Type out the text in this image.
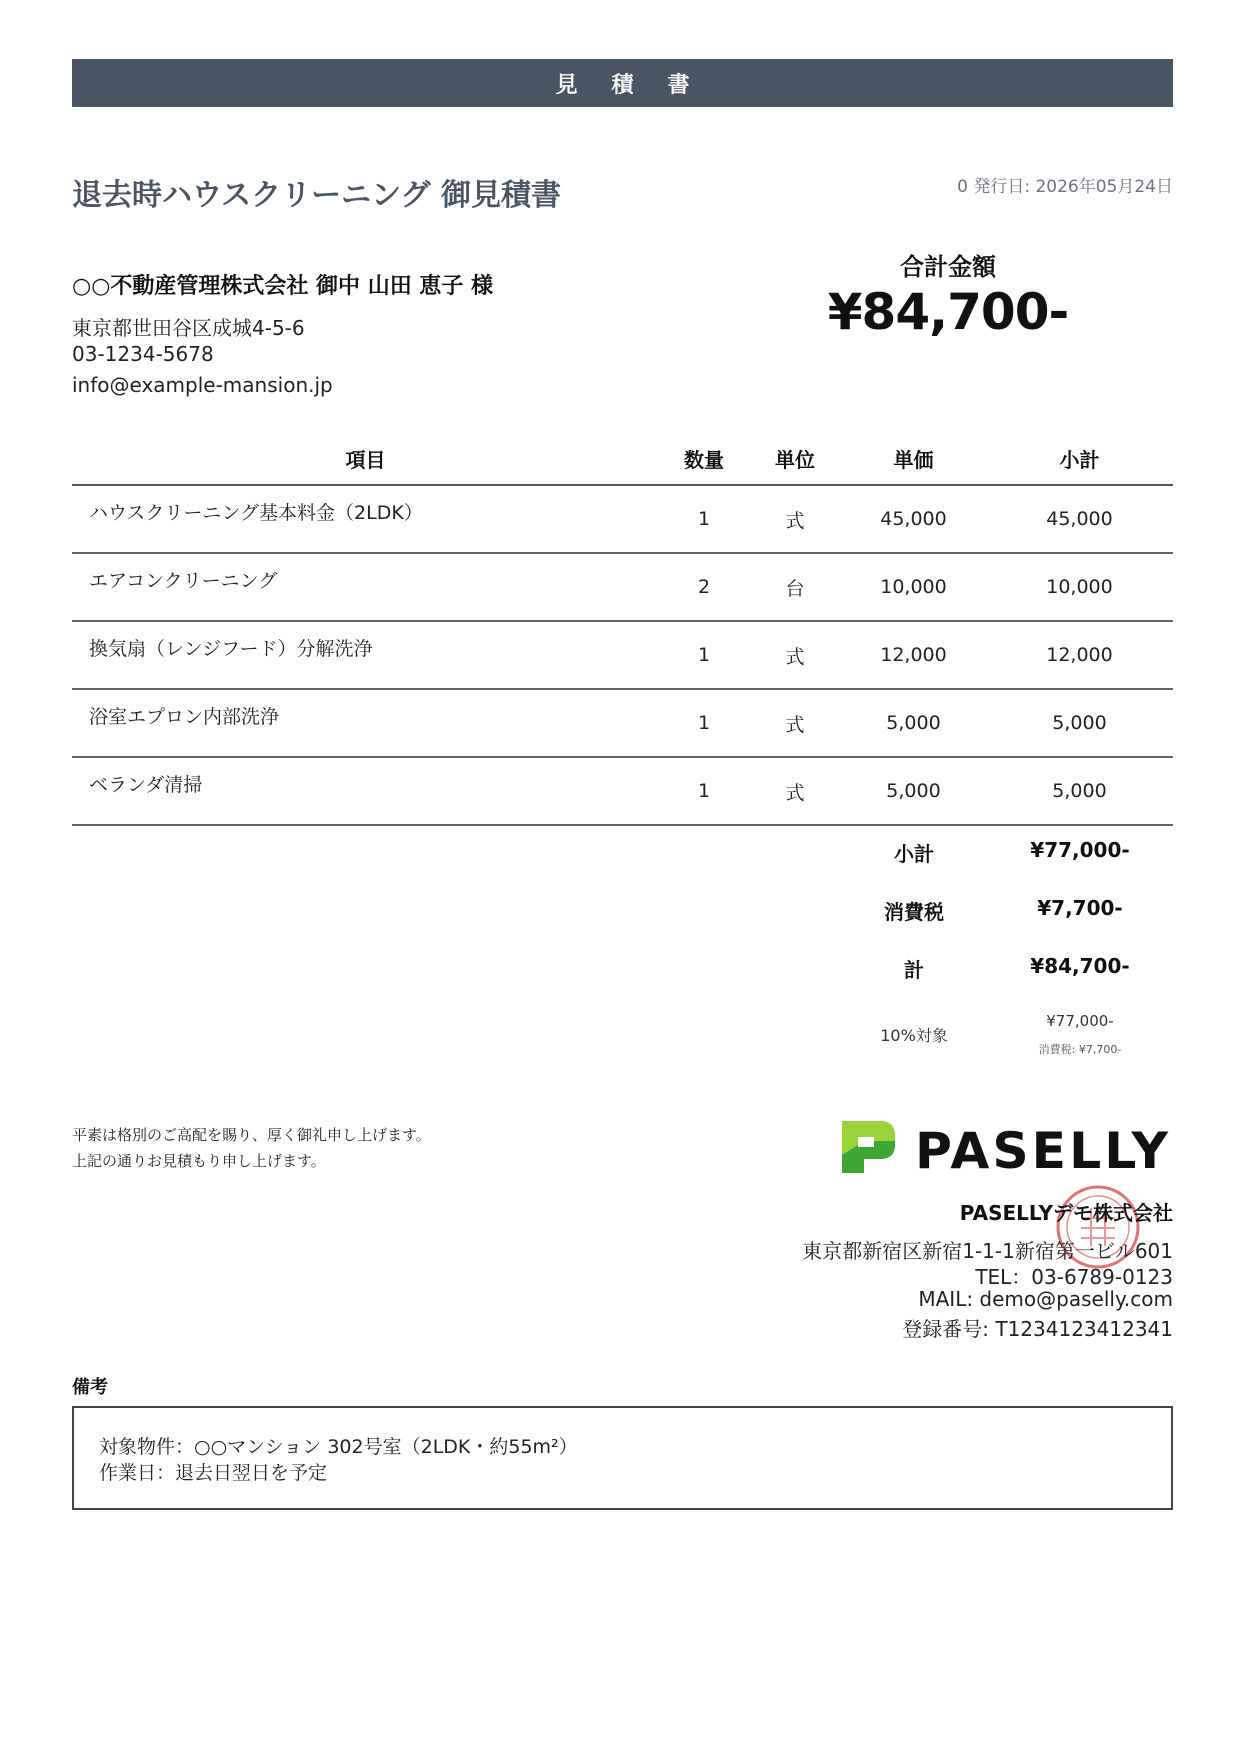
見積書
退去時ハウスクリーニング 御見積書	0 発行日: 2026年05月24日
○○不動産管理株式会社 御中 山田 恵子 様
東京都世田谷区成城4-5-6
03-1234-5678
info@example-mansion.jp
合計金額
¥84,700-
項目	数量	単位	単価	小計
ハウスクリーニング基本料金（2LDK）	1	式	45,000	45,000
エアコンクリーニング	2	台	10,000	10,000
換気扇（レンジフード）分解洗浄	1	式	12,000	12,000
浴室エプロン内部洗浄	1	式	5,000	5,000
ベランダ清掃	1	式	5,000	5,000
小計	¥77,000-
消費税	¥7,700-
計	¥84,700-
10%対象
¥77,000-
消費税: ¥7,700-
平素は格別のご高配を賜り、厚く御礼申し上げます。
上記の通りお見積もり申し上げます。	PASELLY
PASELLYデモ株式会社
東京都新宿区新宿1-1-1新宿第一ビル601
TEL：03-6789-0123
MAIL: demo@paselly.com
登録番号: T1234123412341
備考
対象物件：○○マンション 302号室（2LDK・約55m²）
作業日：退去日翌日を予定
